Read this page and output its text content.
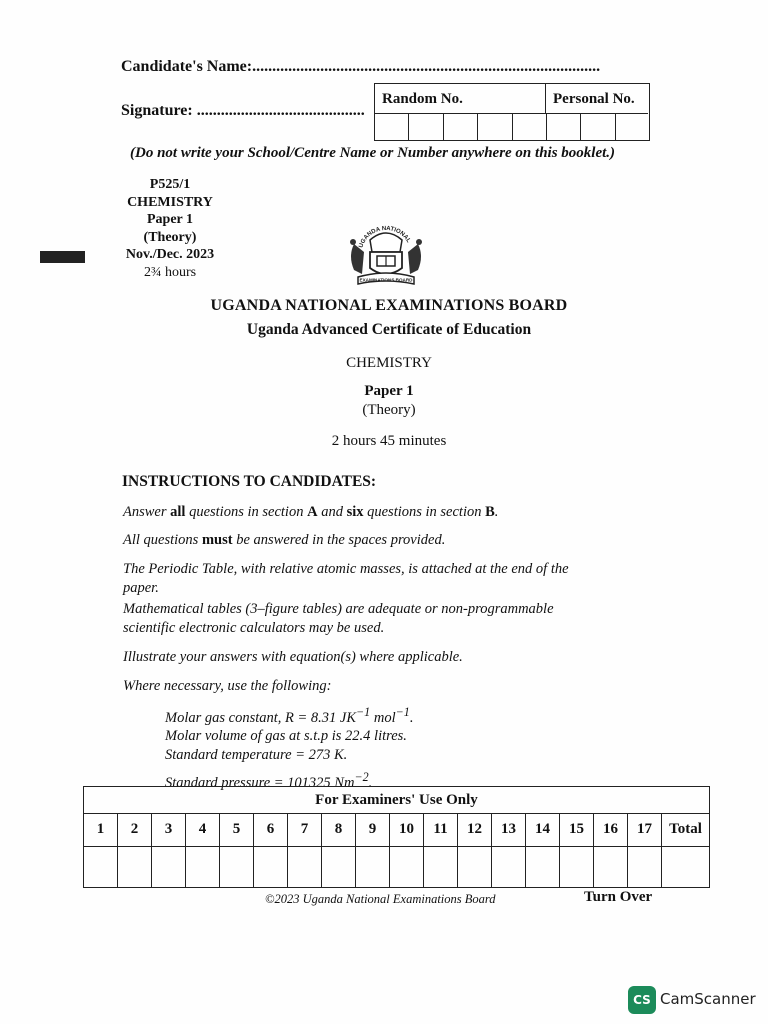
Candidate's Name:.......................................................................................
Signature: ..........................................
Random No.	Personal No.
(Do not write your School/Centre Name or Number anywhere on this booklet.)
P525/1
CHEMISTRY
Paper 1
(Theory)
Nov./Dec. 2023
2¾ hours
UGANDA NATIONAL
EXAMINATIONS BOARD
UGANDA NATIONAL EXAMINATIONS BOARD
Uganda Advanced Certificate of Education
CHEMISTRY
Paper 1
(Theory)
2 hours 45 minutes
INSTRUCTIONS TO CANDIDATES:
Answer all questions in section A and six questions in section B.
All questions must be answered in the spaces provided.
The Periodic Table, with relative atomic masses, is attached at the end of the
paper.
Mathematical tables (3–figure tables) are adequate or non-programmable
scientific electronic calculators may be used.
Illustrate your answers with equation(s) where applicable.
Where necessary, use the following:
Molar gas constant, R = 8.31 $JK^{-1}$ mol$^{-1}$.
Molar volume of gas at s.t.p is 22.4 litres.
Standard temperature = 273 K.
Standard pressure = 101325 $Nm^{-2}$.
For Examiners' Use Only
1	2	3	4	5	6	7	8	9	10	11	12	13	14	15	16	17	Total
©2023 Uganda National Examinations Board	Turn Over
CS CamScanner
